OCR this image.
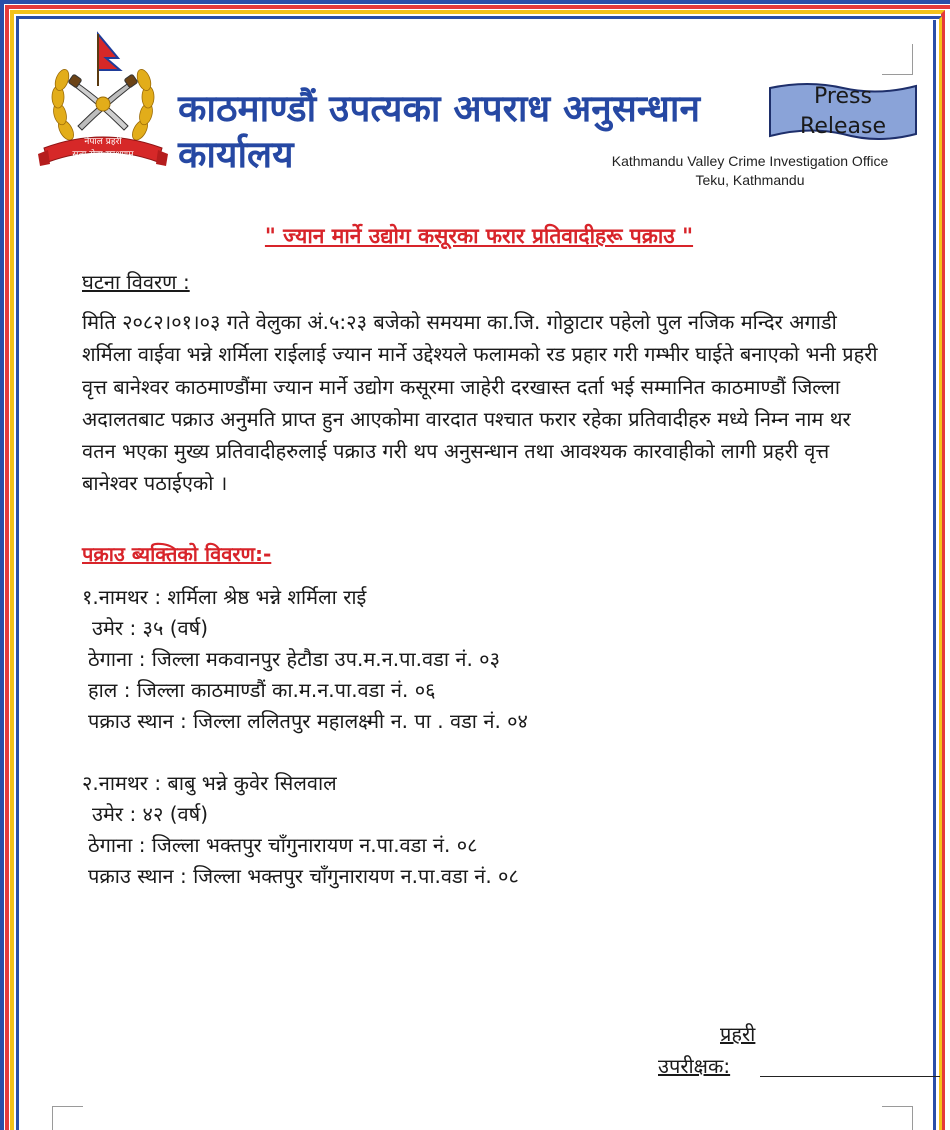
नेपाल प्रहरी
सत्य सेवा सुरक्षणम्
काठमाण्डौं उपत्यका अपराध अनुसन्धान
कार्यालय
Press
Release
Kathmandu Valley Crime Investigation Office
Teku, Kathmandu
" ज्यान मार्ने उद्योग कसूरका फरार प्रतिवादीहरू पक्राउ "
घटना विवरण :

मिति २०८२।०१।०३ गते वेलुका अं.५:२३ बजेको समयमा का.जि. गोठ्ठाटार पहेलो पुल नजिक मन्दिर अगाडी शर्मिला वाईवा भन्ने शर्मिला राईलाई ज्यान मार्ने उद्देश्यले फलामको रड प्रहार गरी गम्भीर घाईते बनाएको भनी प्रहरी वृत्त बानेश्वर काठमाण्डौंमा ज्यान मार्ने उद्योग कसूरमा जाहेरी दरखास्त दर्ता भई सम्मानित काठमाण्डौं जिल्ला अदालतबाट पक्राउ अनुमति प्राप्त हुन आएकोमा वारदात पश्चात फरार रहेका प्रतिवादीहरु मध्ये निम्न नाम थर वतन भएका मुख्य प्रतिवादीहरुलाई पक्राउ गरी थप अनुसन्धान तथा आवश्यक कारवाहीको लागी प्रहरी वृत्त बानेश्वर पठाईएको ।

पक्राउ ब्यक्तिको विवरण:-
१.नामथर : शर्मिला श्रेष्ठ भन्ने शर्मिला राई
उमेर : ३५ (वर्ष)
ठेगाना : जिल्ला मकवानपुर हेटौडा उप.म.न.पा.वडा नं. ०३
हाल : जिल्ला काठमाण्डौं का.म.न.पा.वडा नं. ०६
पक्राउ स्थान : जिल्ला ललितपुर महालक्ष्मी न. पा . वडा नं. ०४
२.नामथर : बाबु भन्ने कुवेर सिलवाल
उमेर : ४२ (वर्ष)
ठेगाना : जिल्ला भक्तपुर चाँगुनारायण न.पा.वडा नं. ०८
पक्राउ स्थान : जिल्ला भक्तपुर चाँगुनारायण न.पा.वडा नं. ०८
प्रहरी
उपरीक्षक:
